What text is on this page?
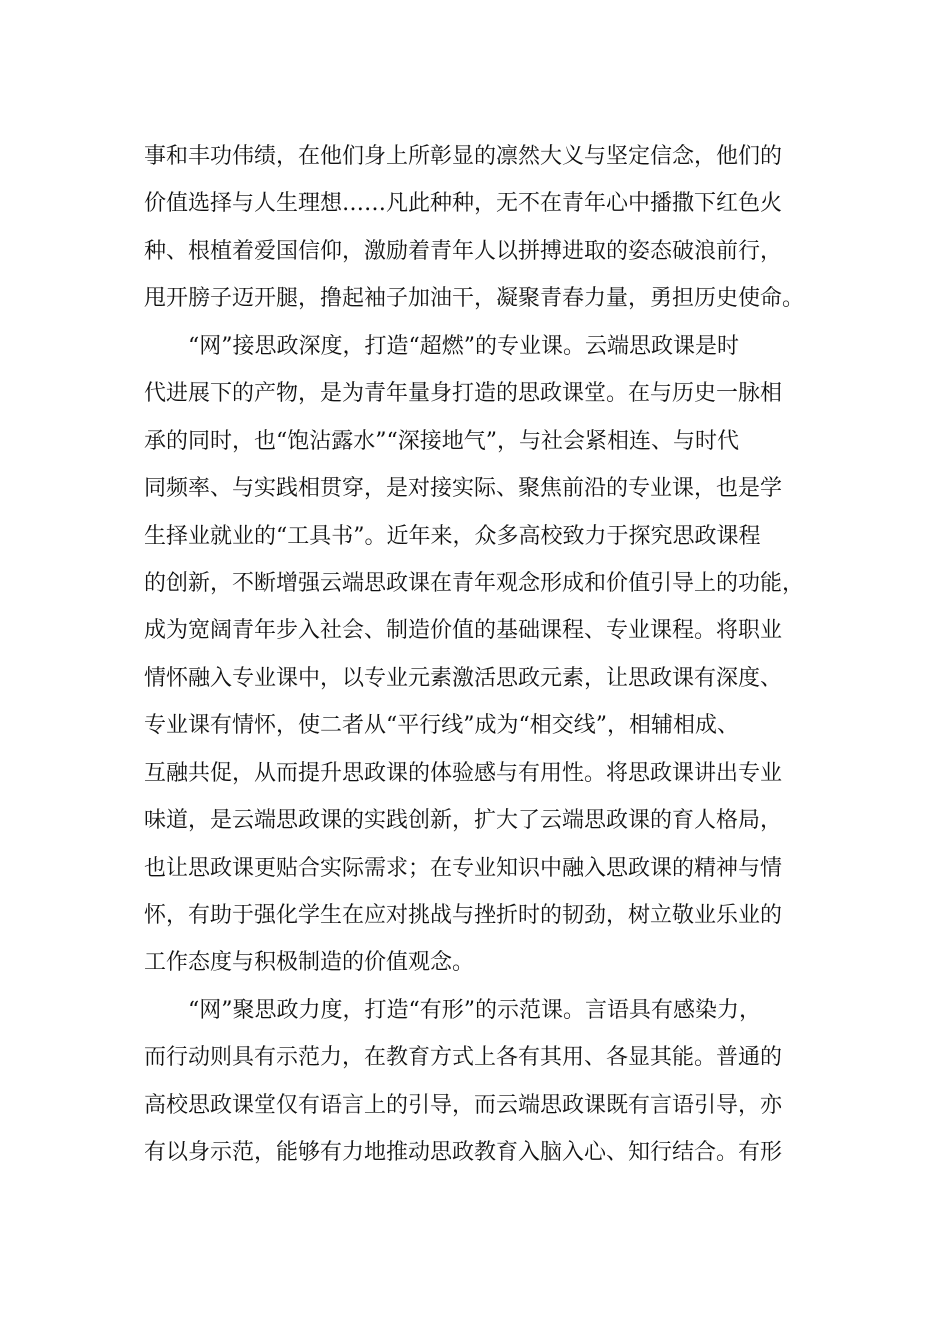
事和丰功伟绩，在他们身上所彰显的凛然大义与坚定信念，他们的
价值选择与人生理想……凡此种种，无不在青年心中播撒下红色火
种、根植着爱国信仰，激励着青年人以拼搏进取的姿态破浪前行，
甩开膀子迈开腿，撸起袖子加油干，凝聚青春力量，勇担历史使命。
“网”接思政深度，打造“超燃”的专业课。云端思政课是时
代进展下的产物，是为青年量身打造的思政课堂。在与历史一脉相
承的同时，也“饱沾露水”“深接地气”，与社会紧相连、与时代
同频率、与实践相贯穿，是对接实际、聚焦前沿的专业课，也是学
生择业就业的“工具书”。近年来，众多高校致力于探究思政课程
的创新，不断增强云端思政课在青年观念形成和价值引导上的功能，
成为宽阔青年步入社会、制造价值的基础课程、专业课程。将职业
情怀融入专业课中，以专业元素激活思政元素，让思政课有深度、
专业课有情怀，使二者从“平行线”成为“相交线”，相辅相成、
互融共促，从而提升思政课的体验感与有用性。将思政课讲出专业
味道，是云端思政课的实践创新，扩大了云端思政课的育人格局，
也让思政课更贴合实际需求；在专业知识中融入思政课的精神与情
怀，有助于强化学生在应对挑战与挫折时的韧劲，树立敬业乐业的
工作态度与积极制造的价值观念。
“网”聚思政力度，打造“有形”的示范课。言语具有感染力，
而行动则具有示范力，在教育方式上各有其用、各显其能。普通的
高校思政课堂仅有语言上的引导，而云端思政课既有言语引导，亦
有以身示范，能够有力地推动思政教育入脑入心、知行结合。有形
